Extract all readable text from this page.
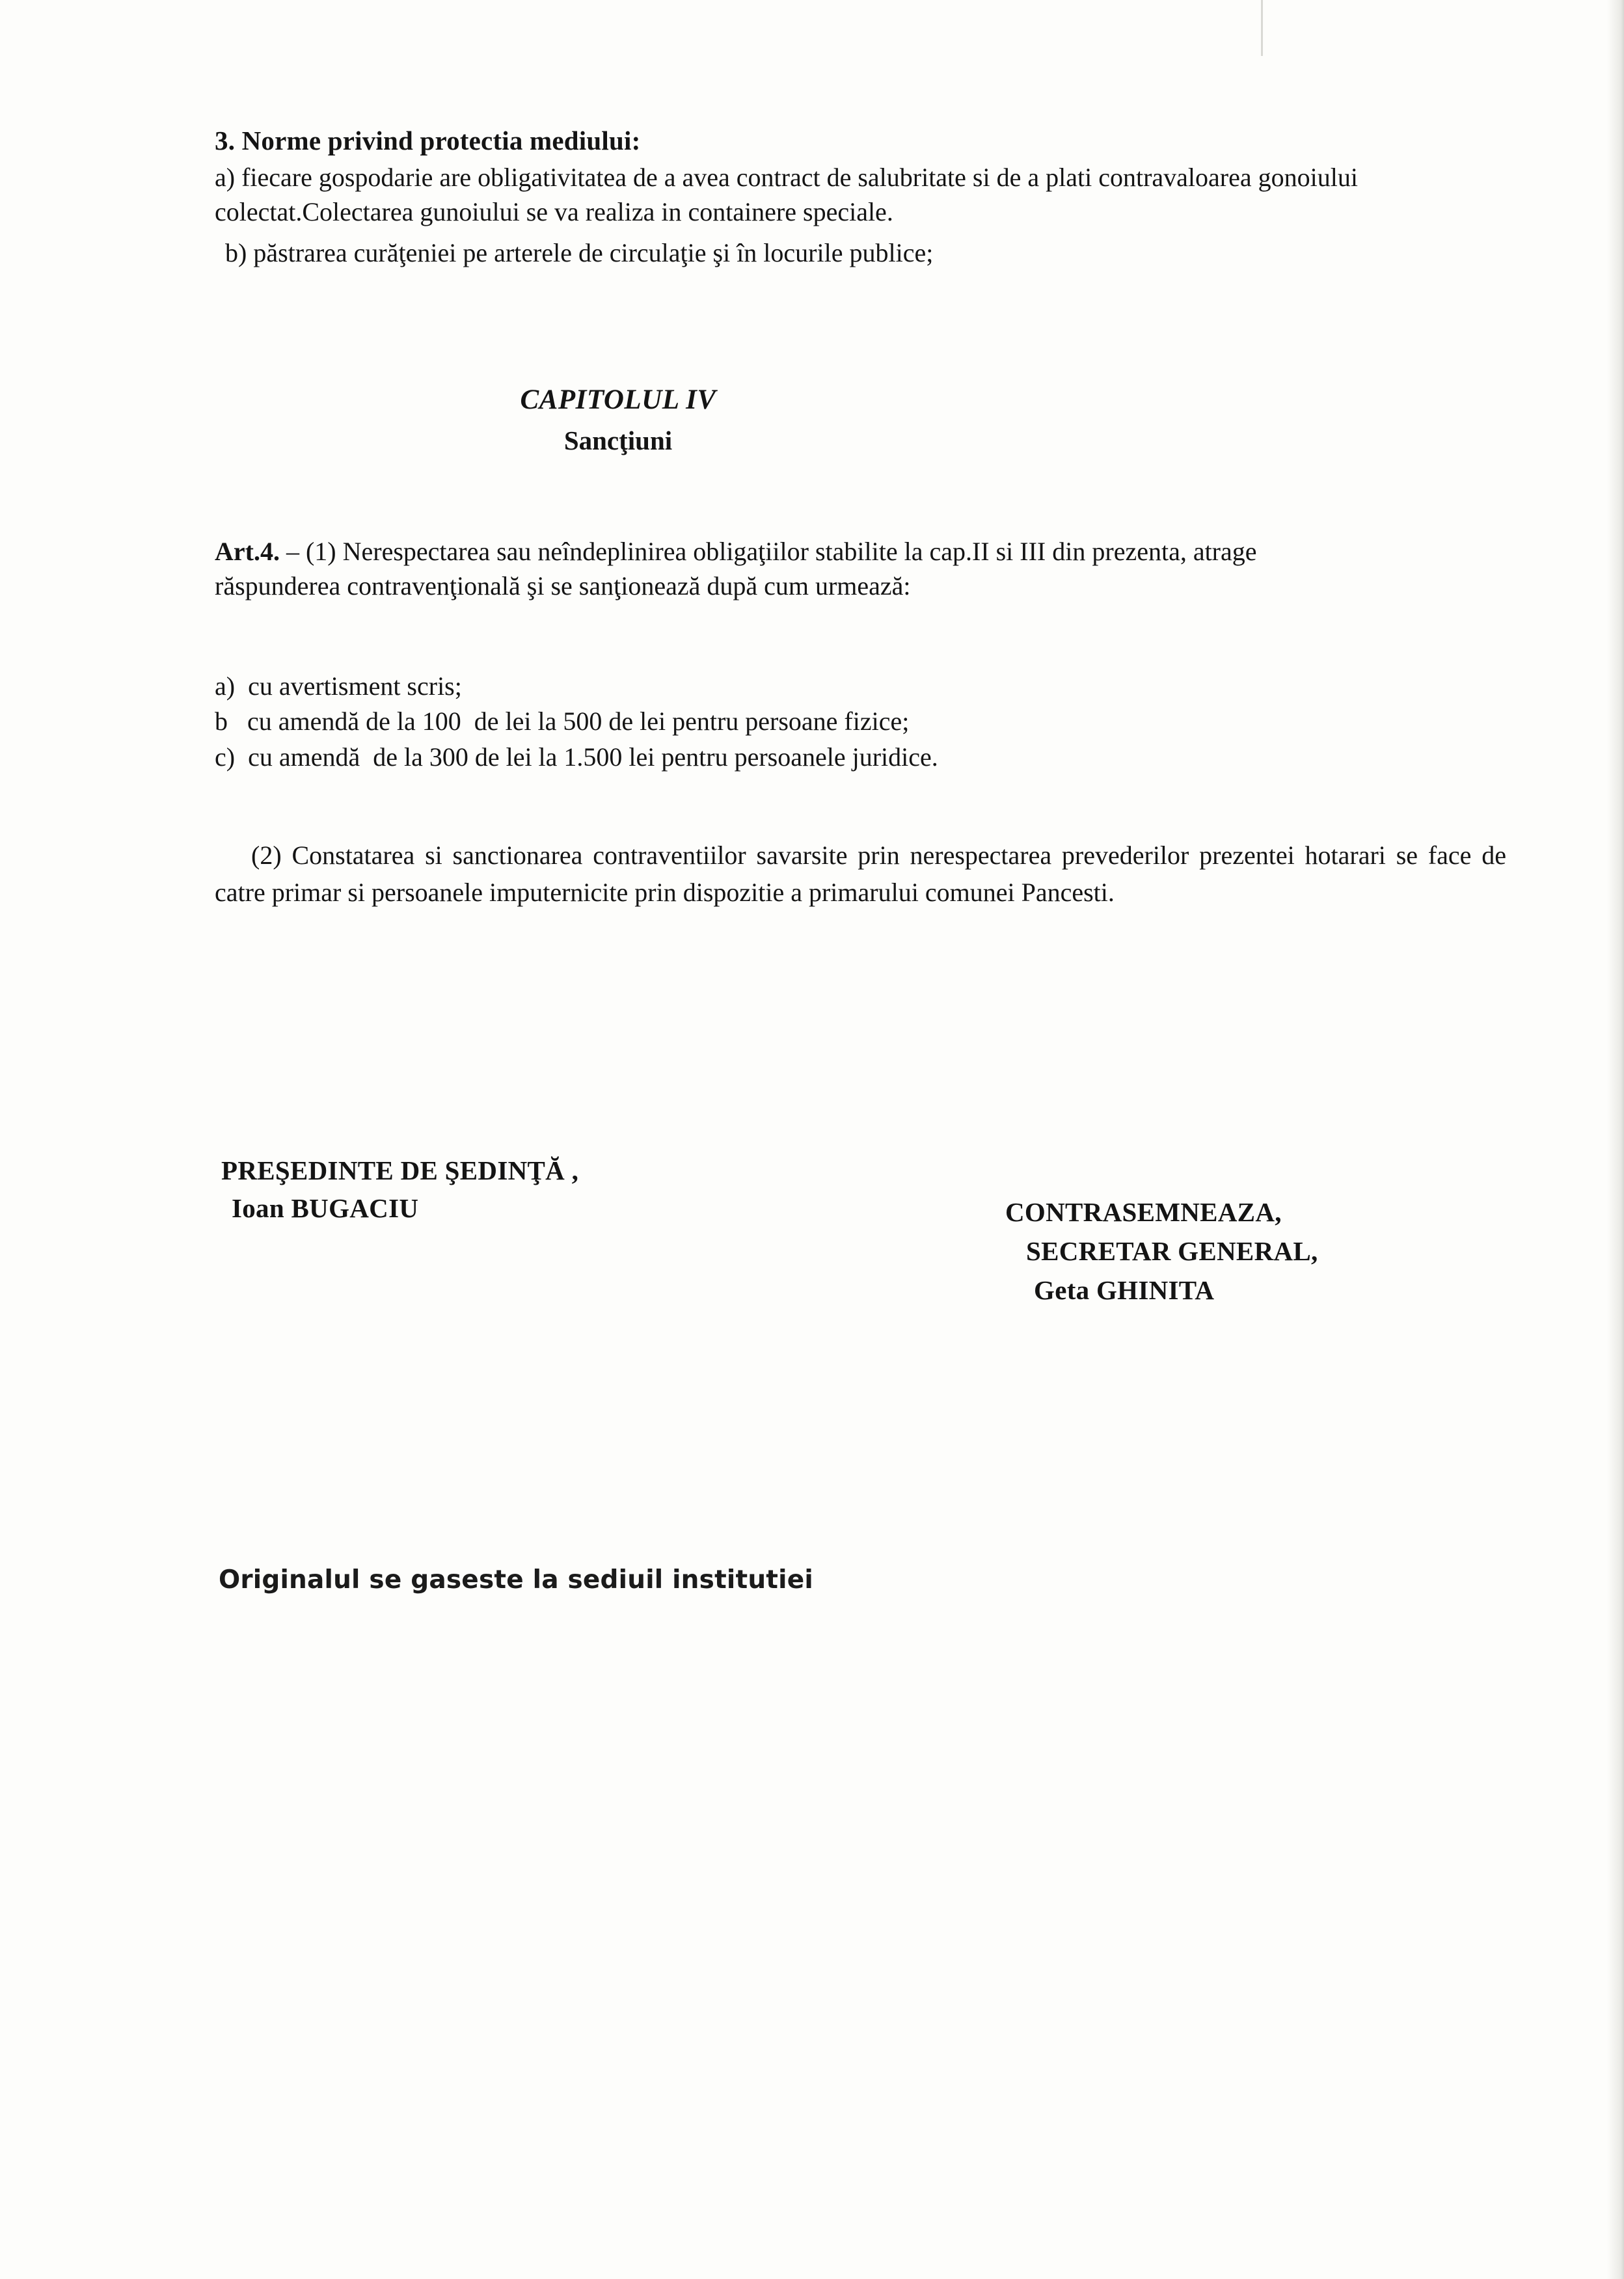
3. Norme privind protectia mediului:

a) fiecare gospodarie are obligativitatea de a avea contract de salubritate si de a plati contravaloarea gonoiului colectat.Colectarea gunoiului se va realiza in containere speciale.

b) păstrarea curăţeniei pe arterele de circulaţie şi în locurile publice;

CAPITOLUL IV
Sancţiuni

Art.4. – (1) Nerespectarea sau neîndeplinirea obligaţiilor stabilite la cap.II si III din prezenta, atrage

răspunderea contravenţională şi se sanţionează după cum urmează:

a)  cu avertisment scris;
b   cu amendă de la 100  de lei la 500 de lei pentru persoane fizice;
c)  cu amendă  de la 300 de lei la 1.500 lei pentru persoanele juridice.

(2) Constatarea si sanctionarea contraventiilor savarsite prin nerespectarea prevederilor prezentei hotarari se face de catre primar si persoanele imputernicite prin dispozitie a primarului comunei Pancesti.

PREŞEDINTE DE ŞEDINŢĂ ,
Ioan BUGACIU	CONTRASEMNEAZA,
SECRETAR GENERAL,
Geta GHINITA
Originalul se gaseste la sediuil institutiei
